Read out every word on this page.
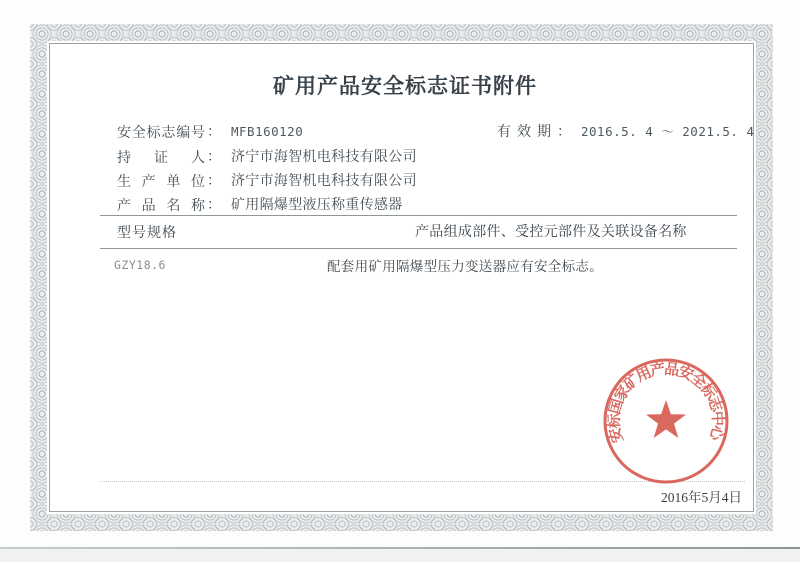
矿用产品安全标志证书附件
安全标志编号 ： MFB160120
持证人 ： 济宁市海智机电科技有限公司
生产单位 ： 济宁市海智机电科技有限公司
产品名称 ： 矿用隔爆型液压称重传感器
有效期： 2016.5. 4 ～ 2021.5. 4
型号规格	产品组成部件、受控元部件及关联设备名称
GZY18.6	配套用矿用隔爆型压力变送器应有安全标志。
2016年5月4日
安标国家矿用产品安全标志中心
